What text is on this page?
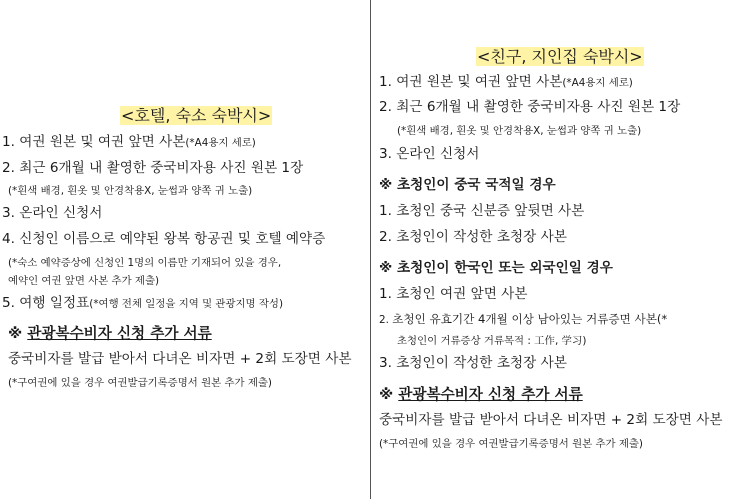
<호텔, 숙소 숙박시>
1. 여권 원본 및 여권 앞면 사본(*A4용지 세로)
2. 최근 6개월 내 촬영한 중국비자용 사진 원본 1장
(*흰색 배경, 흰옷 및 안경착용X, 눈썹과 양쪽 귀 노출)
3. 온라인 신청서
4. 신청인 이름으로 예약된 왕복 항공권 및 호텔 예약증
(*숙소 예약증상에 신청인 1명의 이름만 기재되어 있을 경우,
예약인 여권 앞면 사본 추가 제출)
5. 여행 일정표(*여행 전체 일정을 지역 및 관광지명 작성)
※ 관광복수비자 신청 추가 서류
중국비자를 발급 받아서 다녀온 비자면 + 2회 도장면 사본
(*구여권에 있을 경우 여권발급기록증명서 원본 추가 제출)
<친구, 지인집 숙박시>
1. 여권 원본 및 여권 앞면 사본(*A4용지 세로)
2. 최근 6개월 내 촬영한 중국비자용 사진 원본 1장
(*흰색 배경, 흰옷 및 안경착용X, 눈썹과 양쪽 귀 노출)
3. 온라인 신청서
※ 초청인이 중국 국적일 경우
1. 초청인 중국 신분증 앞뒷면 사본
2. 초청인이 작성한 초청장 사본
※ 초청인이 한국인 또는 외국인일 경우
1. 초청인 여권 앞면 사본
2. 초청인 유효기간 4개월 이상 남아있는 거류증면 사본(*
초청인이 거류증상 거류목적 : 工作, 学习)
3. 초청인이 작성한 초청장 사본
※ 관광복수비자 신청 추가 서류
중국비자를 발급 받아서 다녀온 비자면 + 2회 도장면 사본
(*구여권에 있을 경우 여권발급기록증명서 원본 추가 제출)
